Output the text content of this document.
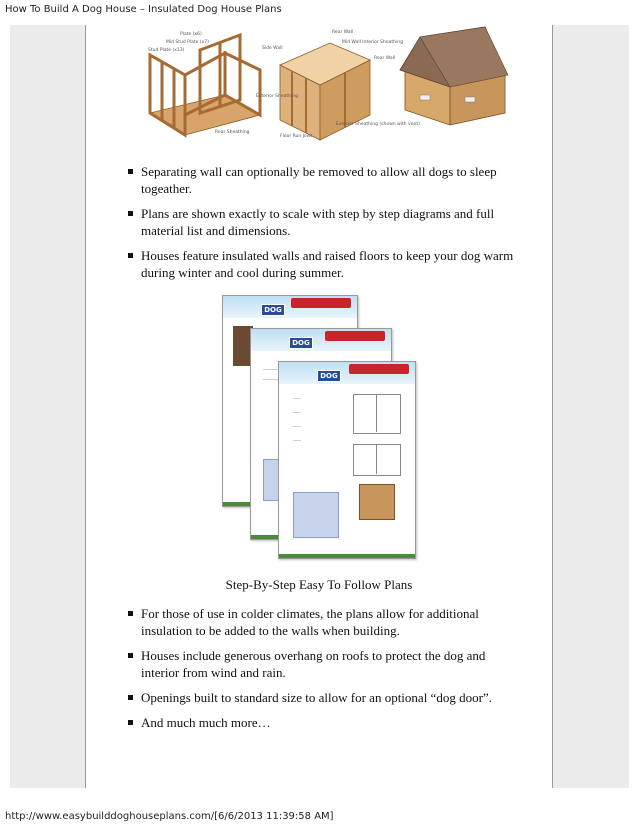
How To Build A Dog House – Insulated Dog House Plans
Plate (x6)
Mid Stud Plate (x7)
Stud Plate (x13)
Rear Sheathing
Side Wall
Rear Wall
Mid Wall Interior Sheathing
Rear Wall
Exterior Sheathing
Floor Run Joist
Exterior Sheathing (shown with vent)
Separating wall can optionally be removed to allow all dogs to sleep togeather.
Plans are shown exactly to scale with step by step diagrams and full material list and dimensions.
Houses feature insulated walls and raised floors to keep your dog warm during winter and cool during summer.
DOG
DOG
DOG
Step-By-Step Easy To Follow Plans
For those of use in colder climates, the plans allow for additional insulation to be added to the walls when building.
Houses include generous overhang on roofs to protect the dog and interior from wind and rain.
Openings built to standard size to allow for an optional “dog door”.
And much much more…
http://www.easybuilddoghouseplans.com/[6/6/2013 11:39:58 AM]
